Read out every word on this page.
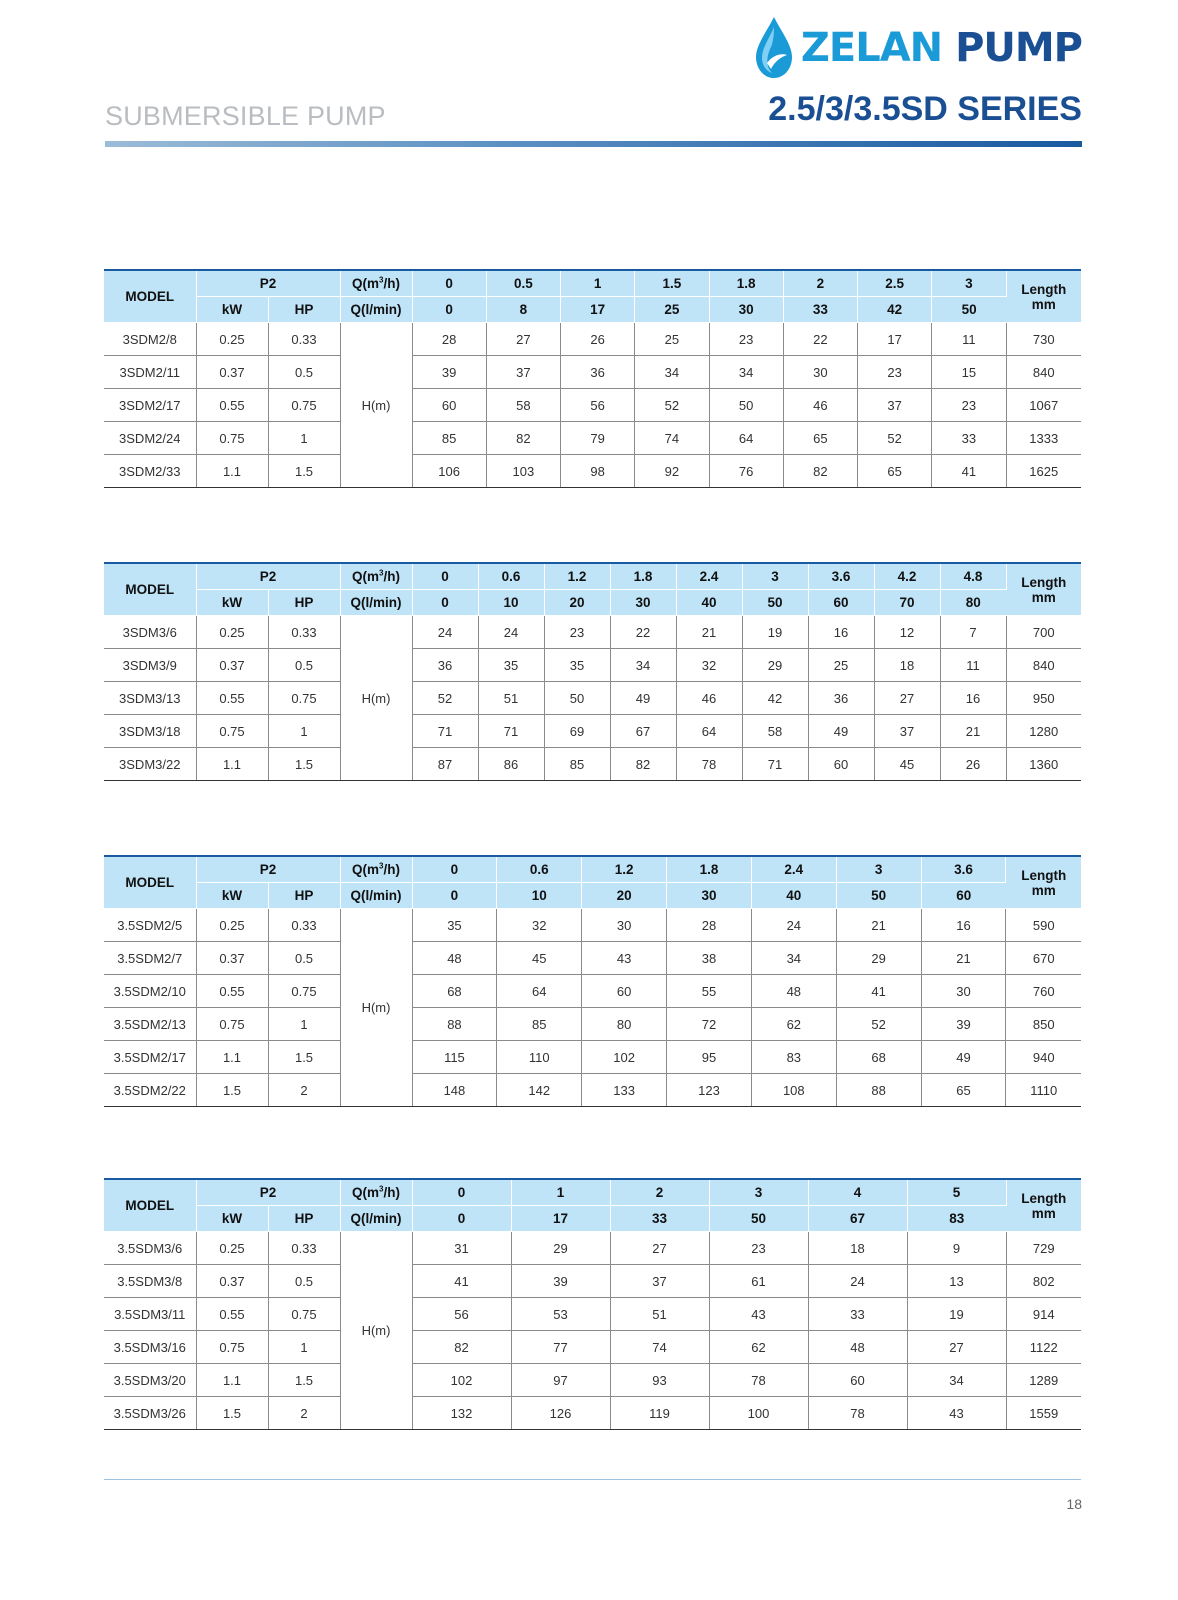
SUBMERSIBLE PUMP
ZELAN PUMP
2.5/3/3.5SD SERIES
MODEL	P2		$Q(m^3/h)$	0	0.5	1	1.5	1.8	2	2.5	3	Length
mm

	kW	HP	Q(l/min)	0	8	17	25	30	33	42	50	
3SDM2/8	0.25	0.33	H(m)	28	27	26	25	23	22	17	11	730
3SDM2/11	0.37	0.5		39	37	36	34	34	30	23	15	840
3SDM2/17	0.55	0.75		60	58	56	52	50	46	37	23	1067
3SDM2/24	0.75	1		85	82	79	74	64	65	52	33	1333
3SDM2/33	1.1	1.5		106	103	98	92	76	82	65	41	1625
MODEL	P2		$Q(m^3/h)$	0	0.6	1.2	1.8	2.4	3	3.6	4.2	4.8	Length
mm

	kW	HP	Q(l/min)	0	10	20	30	40	50	60	70	80	
3SDM3/6	0.25	0.33	H(m)	24	24	23	22	21	19	16	12	7	700
3SDM3/9	0.37	0.5		36	35	35	34	32	29	25	18	11	840
3SDM3/13	0.55	0.75		52	51	50	49	46	42	36	27	16	950
3SDM3/18	0.75	1		71	71	69	67	64	58	49	37	21	1280
3SDM3/22	1.1	1.5		87	86	85	82	78	71	60	45	26	1360
MODEL	P2		$Q(m^3/h)$	0	0.6	1.2	1.8	2.4	3	3.6	Length
mm

	kW	HP	Q(l/min)	0	10	20	30	40	50	60	
3.5SDM2/5	0.25	0.33	H(m)	35	32	30	28	24	21	16	590
3.5SDM2/7	0.37	0.5		48	45	43	38	34	29	21	670
3.5SDM2/10	0.55	0.75		68	64	60	55	48	41	30	760
3.5SDM2/13	0.75	1		88	85	80	72	62	52	39	850
3.5SDM2/17	1.1	1.5		115	110	102	95	83	68	49	940
3.5SDM2/22	1.5	2		148	142	133	123	108	88	65	1110
MODEL	P2		$Q(m^3/h)$	0	1	2	3	4	5	Length
mm

	kW	HP	Q(l/min)	0	17	33	50	67	83	
3.5SDM3/6	0.25	0.33	H(m)	31	29	27	23	18	9	729
3.5SDM3/8	0.37	0.5		41	39	37	61	24	13	802
3.5SDM3/11	0.55	0.75		56	53	51	43	33	19	914
3.5SDM3/16	0.75	1		82	77	74	62	48	27	1122
3.5SDM3/20	1.1	1.5		102	97	93	78	60	34	1289
3.5SDM3/26	1.5	2		132	126	119	100	78	43	1559
18
